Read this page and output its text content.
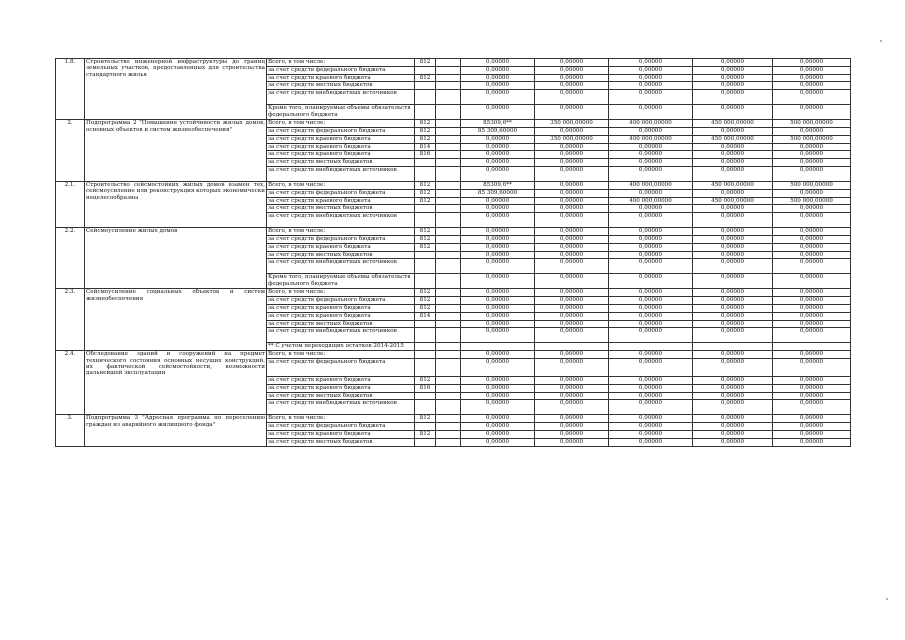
1.8.	Строительство инженерной инфраструктуры до границ земельных участков, предоставленных для строительства стандартного жилья	Всего, в том числе:	812		0,00000	0,00000	0,00000	0,00000	0,00000
		за счет средств федерального бюджета			0,00000	0,00000	0,00000	0,00000	0,00000
		за счет средств краевого бюджета	812		0,00000	0,00000	0,00000	0,00000	0,00000
		за счет средств местных бюджетов			0,00000	0,00000	0,00000	0,00000	0,00000
		за счет средств внебюджетных источников			0,00000	0,00000	0,00000	0,00000	0,00000
		Кроме того, планируемые объемы обязательств федерального бюджета			0,00000	0,00000	0,00000	0,00000	0,00000
2.	Подпрограмма 2 "Повышение устойчивости жилых домов, основных объектов и систем жизнеобеспечения"	Всего, в том числе:	812		85309,6**	350 000,00000	400 000,00000	450 000,00000	500 000,00000
		за счет средств федерального бюджета	812		85 309,60000	0,00000	0,00000	0,00000	0,00000
		за счет средств краевого бюджета	812		0,00000	350 000,00000	400 000,00000	450 000,00000	500 000,00000
		за счет средств краевого бюджета	814		0,00000	0,00000	0,00000	0,00000	0,00000
		за счет средств краевого бюджета	816		0,00000	0,00000	0,00000	0,00000	0,00000
		за счет средств местных бюджетов			0,00000	0,00000	0,00000	0,00000	0,00000
		за счет средств внебюджетных источников			0,00000	0,00000	0,00000	0,00000	0,00000
2.1.	Строительство сейсмостойких жилых домов взамен тех, сейсмоусиление или реконструкция которых экономически нецелесообразны	Всего, в том числе:	812		85309,6**	0,00000	400 000,00000	450 000,00000	500 000,00000
		за счет средств федерального бюджета	812		85 309,60000	0,00000	0,00000	0,00000	0,00000
		за счет средств краевого бюджета	812		0,00000	0,00000	400 000,00000	450 000,00000	500 000,00000
		за счет средств местных бюджетов			0,00000	0,00000	0,00000	0,00000	0,00000
		за счет средств внебюджетных источников			0,00000	0,00000	0,00000	0,00000	0,00000
2.2.	Сейсмоусиление жилых домов	Всего, в том числе:	812		0,00000	0,00000	0,00000	0,00000	0,00000
		за счет средств федерального бюджета	812		0,00000	0,00000	0,00000	0,00000	0,00000
		за счет средств краевого бюджета	812		0,00000	0,00000	0,00000	0,00000	0,00000
		за счет средств местных бюджетов			0,00000	0,00000	0,00000	0,00000	0,00000
		за счет средств внебюджетных источников			0,00000	0,00000	0,00000	0,00000	0,00000
		Кроме того, планируемые объемы обязательств федерального бюджета			0,00000	0,00000	0,00000	0,00000	0,00000
2.3.	Сейсмоусиление социальных объектов и систем жизнеобеспечения	Всего, в том числе:	812		0,00000	0,00000	0,00000	0,00000	0,00000
		за счет средств федерального бюджета	812		0,00000	0,00000	0,00000	0,00000	0,00000
		за счет средств краевого бюджета	812		0,00000	0,00000	0,00000	0,00000	0,00000
		за счет средств краевого бюджета	814		0,00000	0,00000	0,00000	0,00000	0,00000
		за счет средств местных бюджетов			0,00000	0,00000	0,00000	0,00000	0,00000
		за счет средств внебюджетных источников			0,00000	0,00000	0,00000	0,00000	0,00000
		** С учетом переходящих остатков 2014-2015							
2.4.	Обследование зданий и сооружений на предмет технического состояния основных несущих конструкций, их фактической сейсмостойкости, возможности дальнейшей эксплуатации	Всего, в том числе:			0,00000	0,00000	0,00000	0,00000	0,00000
		за счет средств федерального бюджета			0,00000	0,00000	0,00000	0,00000	0,00000
		за счет средств краевого бюджета	812		0,00000	0,00000	0,00000	0,00000	0,00000
		за счет средств краевого бюджета	816		0,00000	0,00000	0,00000	0,00000	0,00000
		за счет средств местных бюджетов			0,00000	0,00000	0,00000	0,00000	0,00000
		за счет средств внебюджетных источников			0,00000	0,00000	0,00000	0,00000	0,00000
3.	Подпрограмма 3 "Адресная программа по переселению граждан из аварийного жилищного фонда"	Всего, в том числе:	812		0,00000	0,00000	0,00000	0,00000	0,00000
		за счет средств федерального бюджета			0,00000	0,00000	0,00000	0,00000	0,00000
		за счет средств краевого бюджета	812		0,00000	0,00000	0,00000	0,00000	0,00000
		за счет средств местных бюджетов			0,00000	0,00000	0,00000	0,00000	0,00000
